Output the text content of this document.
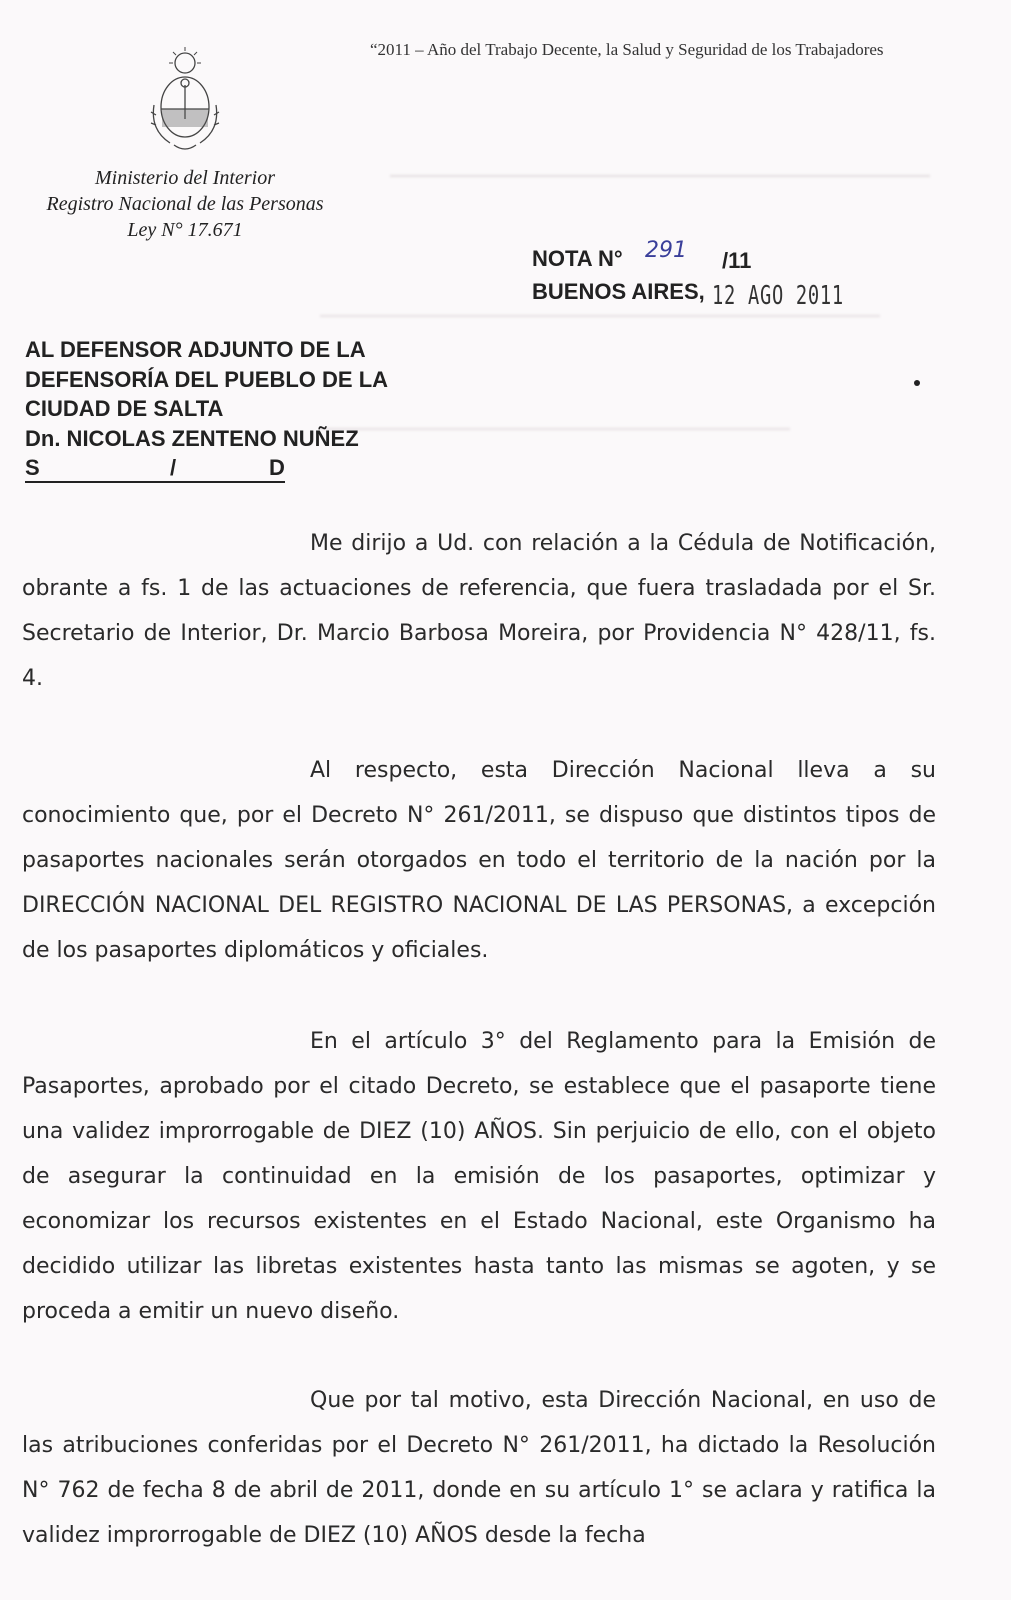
“2011 – Año del Trabajo Decente, la Salud y Seguridad de los Trabajadores
Ministerio del Interior
Registro Nacional de las Personas
Ley N° 17.671
NOTA N° 291 /11
BUENOS AIRES, 12 AGO 2011
AL DEFENSOR ADJUNTO DE LA
DEFENSORÍA DEL PUEBLO DE LA
CIUDAD DE SALTA
Dn. NICOLAS ZENTENO NUÑEZ
S	/	D

Me dirijo a Ud. con relación a la Cédula de Notificación, obrante a fs. 1 de las actuaciones de referencia, que fuera trasladada por el Sr. Secretario de Interior, Dr. Marcio Barbosa Moreira, por Providencia N° 428/11, fs. 4.

Al respecto, esta Dirección Nacional lleva a su conocimiento que, por el Decreto N° 261/2011, se dispuso que distintos tipos de pasaportes nacionales serán otorgados en todo el territorio de la nación por la DIRECCIÓN NACIONAL DEL REGISTRO NACIONAL DE LAS PERSONAS, a excepción de los pasaportes diplomáticos y oficiales.

En el artículo 3° del Reglamento para la Emisión de Pasaportes, aprobado por el citado Decreto, se establece que el pasaporte tiene una validez improrrogable de DIEZ (10) AÑOS. Sin perjuicio de ello, con el objeto de asegurar la continuidad en la emisión de los pasaportes, optimizar y economizar los recursos existentes en el Estado Nacional, este Organismo ha decidido utilizar las libretas existentes hasta tanto las mismas se agoten, y se proceda a emitir un nuevo diseño.

Que por tal motivo, esta Dirección Nacional, en uso de las atribuciones conferidas por el Decreto N° 261/2011, ha dictado la Resolución N° 762 de fecha 8 de abril de 2011, donde en su artículo 1° se aclara y ratifica la validez improrrogable de DIEZ (10) AÑOS desde la fecha
